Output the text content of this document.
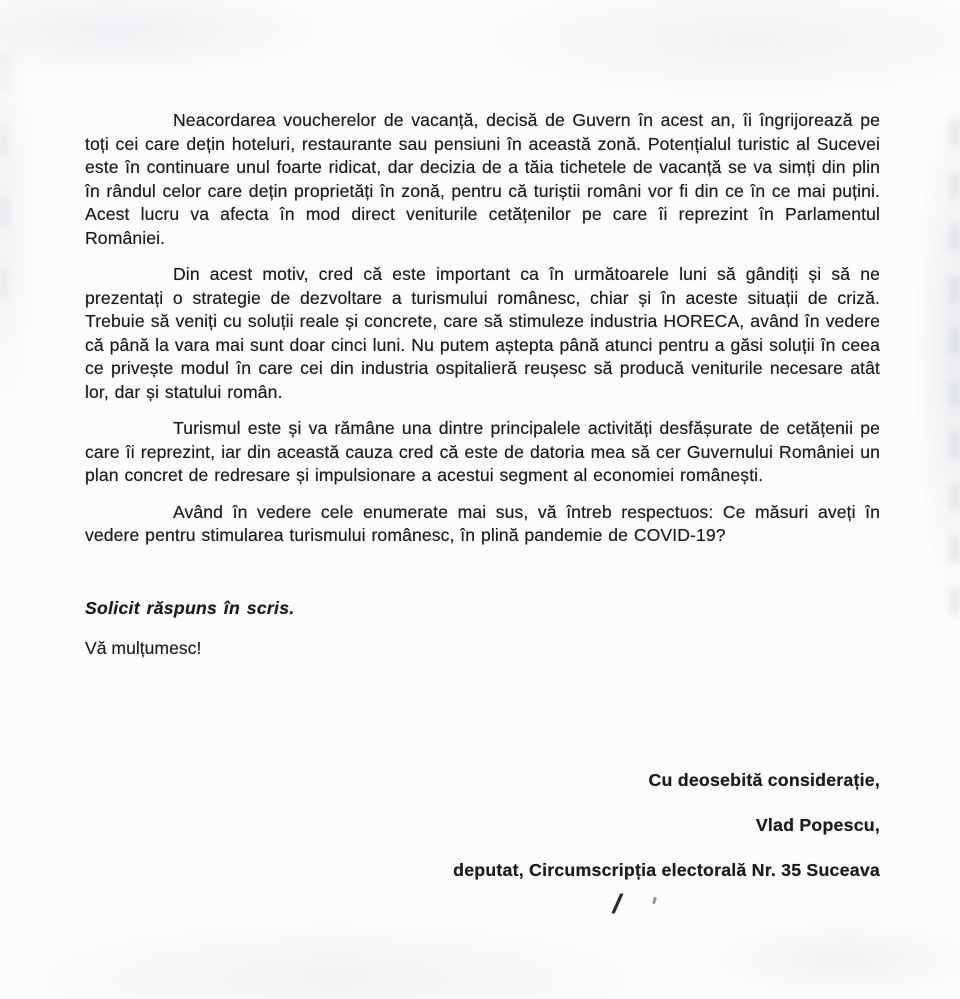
Neacordarea voucherelor de vacanță, decisă de Guvern în acest an, îi îngrijorează pe toți cei care dețin hoteluri, restaurante sau pensiuni în această zonă. Potențialul turistic al Sucevei este în continuare unul foarte ridicat, dar decizia de a tăia tichetele de vacanță se va simți din plin în rândul celor care dețin proprietăți în zonă, pentru că turiștii români vor fi din ce în ce mai puțini. Acest lucru va afecta în mod direct veniturile cetățenilor pe care îi reprezint în Parlamentul României.

Din acest motiv, cred că este important ca în următoarele luni să gândiți și să ne prezentați o strategie de dezvoltare a turismului românesc, chiar și în aceste situații de criză. Trebuie să veniți cu soluții reale și concrete, care să stimuleze industria HORECA, având în vedere că până la vara mai sunt doar cinci luni. Nu putem aștepta până atunci pentru a găsi soluții în ceea ce privește modul în care cei din industria ospitalieră reușesc să producă veniturile necesare atât lor, dar și statului român.

Turismul este și va rămâne una dintre principalele activități desfășurate de cetățenii pe care îi reprezint, iar din această cauza cred că este de datoria mea să cer Guvernului României un plan concret de redresare și impulsionare a acestui segment al economiei românești.

Având în vedere cele enumerate mai sus, vă întreb respectuos: Ce măsuri aveți în vedere pentru stimularea turismului românesc, în plină pandemie de COVID-19?

Solicit răspuns în scris.

Vă mulțumesc!

Cu deosebită considerație,

Vlad Popescu,

deputat, Circumscripția electorală Nr. 35 Suceava

/
